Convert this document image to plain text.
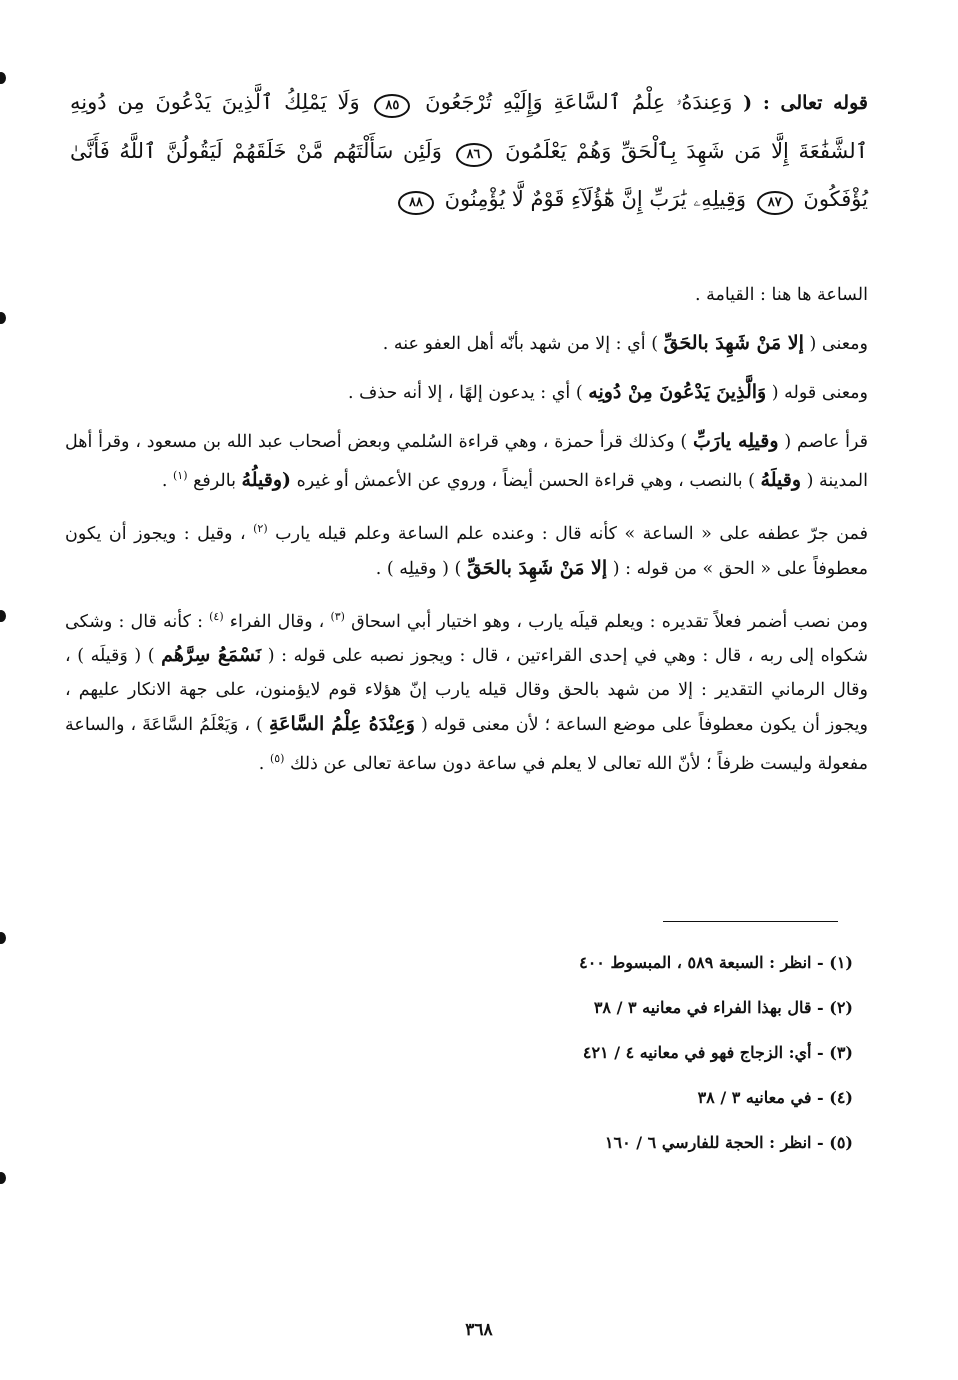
قوله تعالى : ( وَعِندَهُۥ عِلْمُ ٱلسَّاعَةِ وَإِلَيْهِ تُرْجَعُونَ ٨٥ وَلَا يَمْلِكُ ٱلَّذِينَ يَدْعُونَ مِن دُونِهِ ٱلشَّفَٰعَةَ إِلَّا مَن شَهِدَ بِٱلْحَقِّ وَهُمْ يَعْلَمُونَ ٨٦ وَلَئِن سَأَلْتَهُم مَّنْ خَلَقَهُمْ لَيَقُولُنَّ ٱللَّهُ فَأَنَّىٰ يُؤْفَكُونَ ٨٧ وَقِيلِهِۦ يَٰرَبِّ إِنَّ هَٰٓؤُلَآءِ قَوْمٌ لَّا يُؤْمِنُونَ ٨٨

الساعة ها هنا : القيامة .

ومعنى ( إلا مَنْ شَهِدَ بالحَقِّ ) أي : إلا من شهد بأنّه أهل العفو عنه .

ومعنى قوله ( وَالَّذِينَ يَدْعُونَ مِنْ دُونِه ) أي : يدعون إلهًا ، إلا أنه حذف .

قرأ عاصم ( وقيلِه يارَبِّ ) وكذلك قرأ حمزة ، وهي قراءة السُلمي وبعض أصحاب عبد الله بن مسعود ، وقرأ أهل المدينة ( وقيلَهُ ) بالنصب ، وهي قراءة الحسن أيضاً ، وروي عن الأعمش أو غيره (وقيلُهُ بالرفع $^{(١)}$ .

فمن جرّ عطفه على « الساعة » كأنه قال : وعنده علم الساعة وعلم قيله يارب $^{(٢)}$ ، وقيل : ويجوز أن يكون معطوفاً على « الحق » من قوله : ( إلا مَنْ شَهِدَ بالحَقِّ ) ( وقيلِه ) .

ومن نصب أضمر فعلاً تقديره : ويعلم قيلَه يارب ، وهو اختيار أبي اسحاق $^{(٣)}$ ، وقال الفراء $^{(٤)}$ : كأنه قال : وشكى شكواه إلى ربه ، قال : وهي في إحدى القراءتين ، قال : ويجوز نصبه على قوله : ( نَسْمَعُ سِرَّهُم ) ( وَقيلَه ) ، وقال الرماني التقدير : إلا من شهد بالحق وقال قيله يارب إنّ هؤلاء قوم لايؤمنون، على جهة الانكار عليهم ، ويجوز أن يكون معطوفاً على موضع الساعة ؛ لأن معنى قوله ( وَعِنْدَهُ عِلْمُ السَّاعَةِ ) ، وَيَعْلَمُ السَّاعَةَ ، والساعة مفعولة وليست ظرفاً ؛ لأنّ الله تعالى لا يعلم في ساعة دون ساعة تعالى عن ذلك $^{(٥)}$ .

(١) - انظر : السبعة ٥٨٩ ، المبسوط ٤٠٠
(٢) - قال بهذا الفراء في معانيه ٣ / ٣٨
(٣) - أي: الزجاج فهو في معانيه ٤ / ٤٢١
(٤) - في معانيه ٣ / ٣٨
(٥) - انظر : الحجة للفارسي ٦ / ١٦٠
٣٦٨
